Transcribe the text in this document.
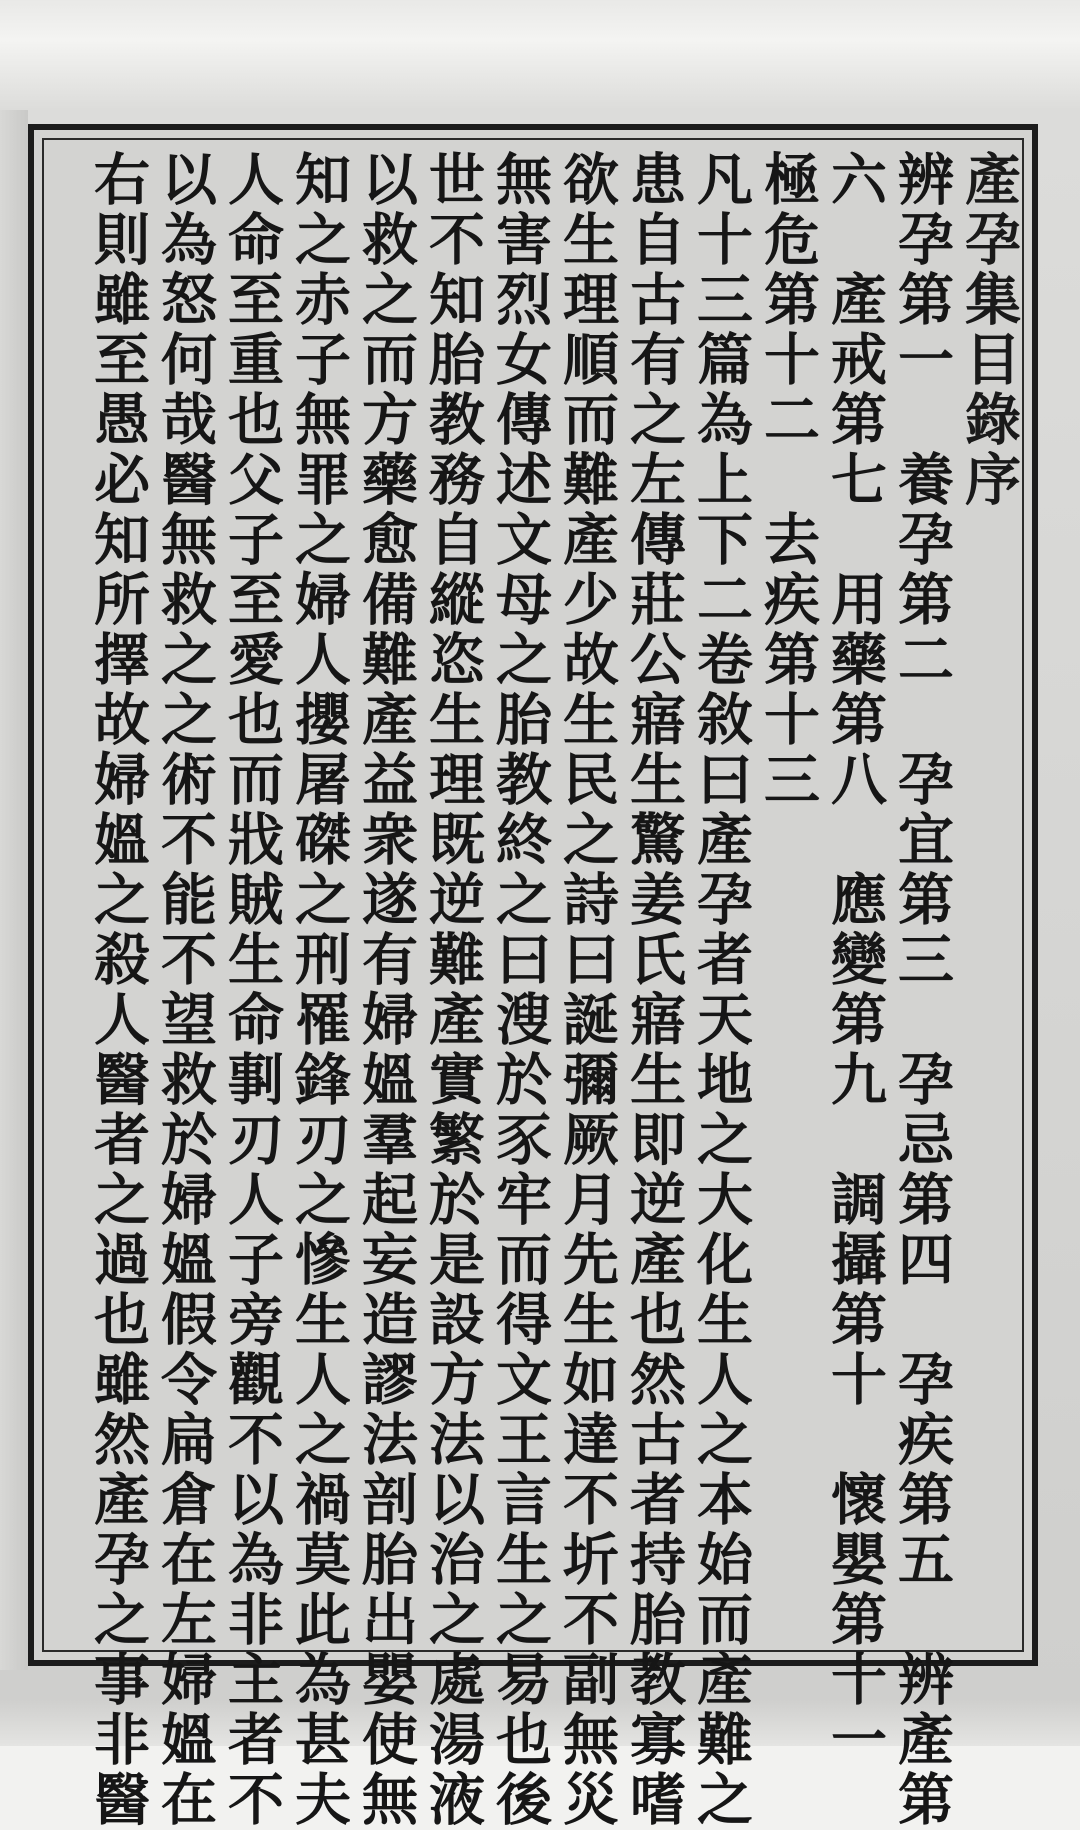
產孕集目錄序
辨孕第一　養孕第二　孕宜第三　孕忌第四　孕疾第五　辨產第
六　產戒第七　用藥第八　應變第九　調攝第十　懷嬰第十一
極危第十二　去疾第十三
凡十三篇為上下二卷敘曰產孕者天地之大化生人之本始而產難之
患自古有之左傳莊公寤生驚姜氏寤生即逆產也然古者持胎教寡嗜
欲生理順而難產少故生民之詩曰誕彌厥月先生如達不圻不副無災
無害烈女傳述文母之胎教終之曰溲於豕牢而得文王言生之易也後
世不知胎教務自縱恣生理既逆難產實繁於是設方法以治之處湯液
以救之而方藥愈備難產益衆遂有婦媼羣起妄造謬法剖胎出嬰使無
知之赤子無罪之婦人攖屠磔之刑罹鋒刃之慘生人之禍莫此為甚夫
人命至重也父子至愛也而戕賊生命剚刃人子旁觀不以為非主者不
以為怒何哉醫無救之之術不能不望救於婦媼假令扁倉在左婦媼在
右則雖至愚必知所擇故婦媼之殺人醫者之過也雖然產孕之事非醫
